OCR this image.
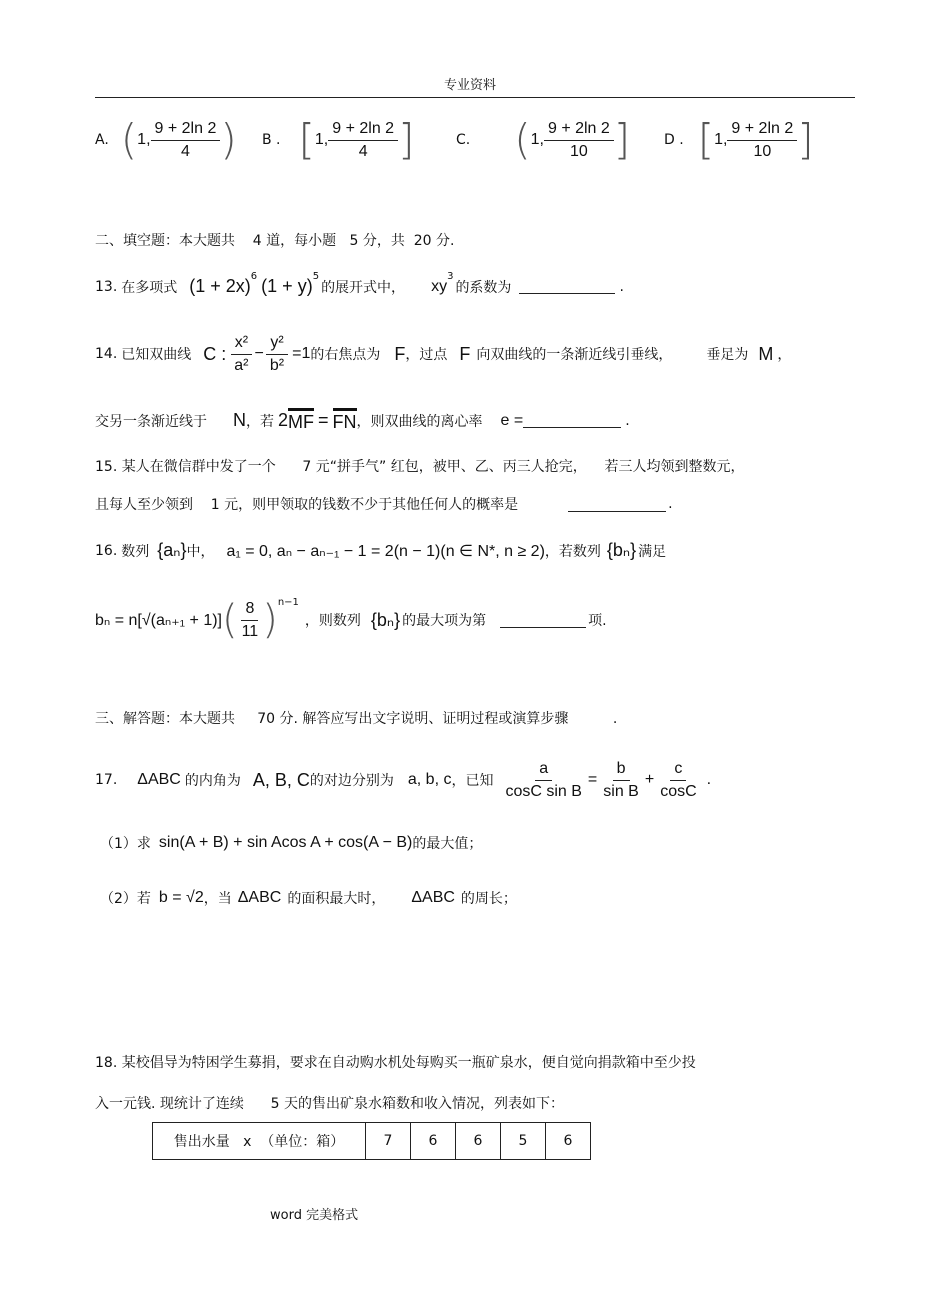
专业资料
A. ( 1, $\frac{9 + 2\ln 2}{4}$ ) B . [ 1, $\frac{9 + 2\ln 2}{4}$ ]	C. ( 1, $\frac{9 + 2\ln 2}{10}$ ] D . [ 1, $\frac{9 + 2\ln 2}{10}$ ]
二、填空题：本大题共    4 道，每小题   5 分，共  20 分.
13. 在多项式 (1 + 2x) 6 (1 + y) 5
的展开式中， xy
3
的系数为	.
14. 已知双曲线 C : $\frac{\text{x²}}{\text{a²}} - \frac{\text{y²}}{\text{b²}} =1$ 的右焦点为 F ，过点 F 向双曲线的一条渐近线引垂线， 垂足为 M ，
交另一条渐近线于 N ，若 2 MF = FN ，则双曲线的离心率 e =	.
15. 某人在微信群中发了一个      7 元“拼手气” 红包，被甲、乙、丙三人抢完，    若三人均领到整数元，
且每人至少领到    1 元，则甲领取的钱数不少于其他任何人的概率是	.
16. 数列 {aₙ} 中， a₁ = 0, aₙ − aₙ₋₁ − 1 = 2(n − 1)(n ∈ N*, n ≥ 2) ，若数列 {bₙ} 满足
bₙ = n[√(aₙ₊₁ + 1)] ( $\frac{8}{11}$ ) n−1
，则数列 {bₙ} 的最大项为第	项.
三、解答题：本大题共     70 分. 解答应写出文字说明、证明过程或演算步骤          .
17. ΔABC 的内角为 A, B, C 的对边分别为 a, b, c ，已知 $\frac{a}{\text{cosC sin B}} = \frac{b}{\text{sin B}} + \frac{c}{\cos C}$ .
（1）求 sin(A + B) + sin Acos A + cos(A − B) 的最大值；
（2）若 b = √2 ，当 ΔABC 的面积最大时， ΔABC 的周长；
18. 某校倡导为特困学生募捐，要求在自动购水机处每购买一瓶矿泉水，便自觉向捐款箱中至少投
入一元钱. 现统计了连续      5 天的售出矿泉水箱数和收入情况，列表如下：
售出水量   x  （单位：箱）	7	6	6	5	6
word 完美格式
